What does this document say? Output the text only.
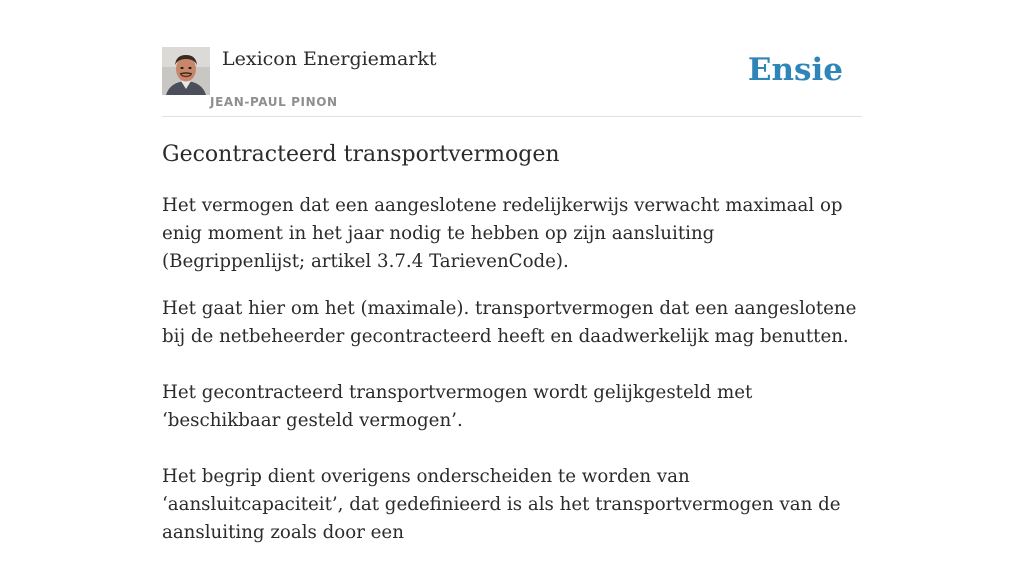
Lexicon Energiemarkt
JEAN-PAUL PINON
Ensie
Gecontracteerd transportvermogen

Het vermogen dat een aangeslotene redelijkerwijs verwacht maximaal op enig moment in het jaar nodig te hebben op zijn aansluiting (Begrippenlijst; artikel 3.7.4 TarievenCode).

Het gaat hier om het (maximale). transportvermogen dat een aangeslotene bij de netbeheerder gecontracteerd heeft en daadwerkelijk mag benutten.

Het gecontracteerd transportvermogen wordt gelijkgesteld met ‘beschikbaar gesteld vermogen’.

Het begrip dient overigens onderscheiden te worden van ‘aansluitcapaciteit’, dat gedefinieerd is als het transportvermogen van de aansluiting zoals door een
